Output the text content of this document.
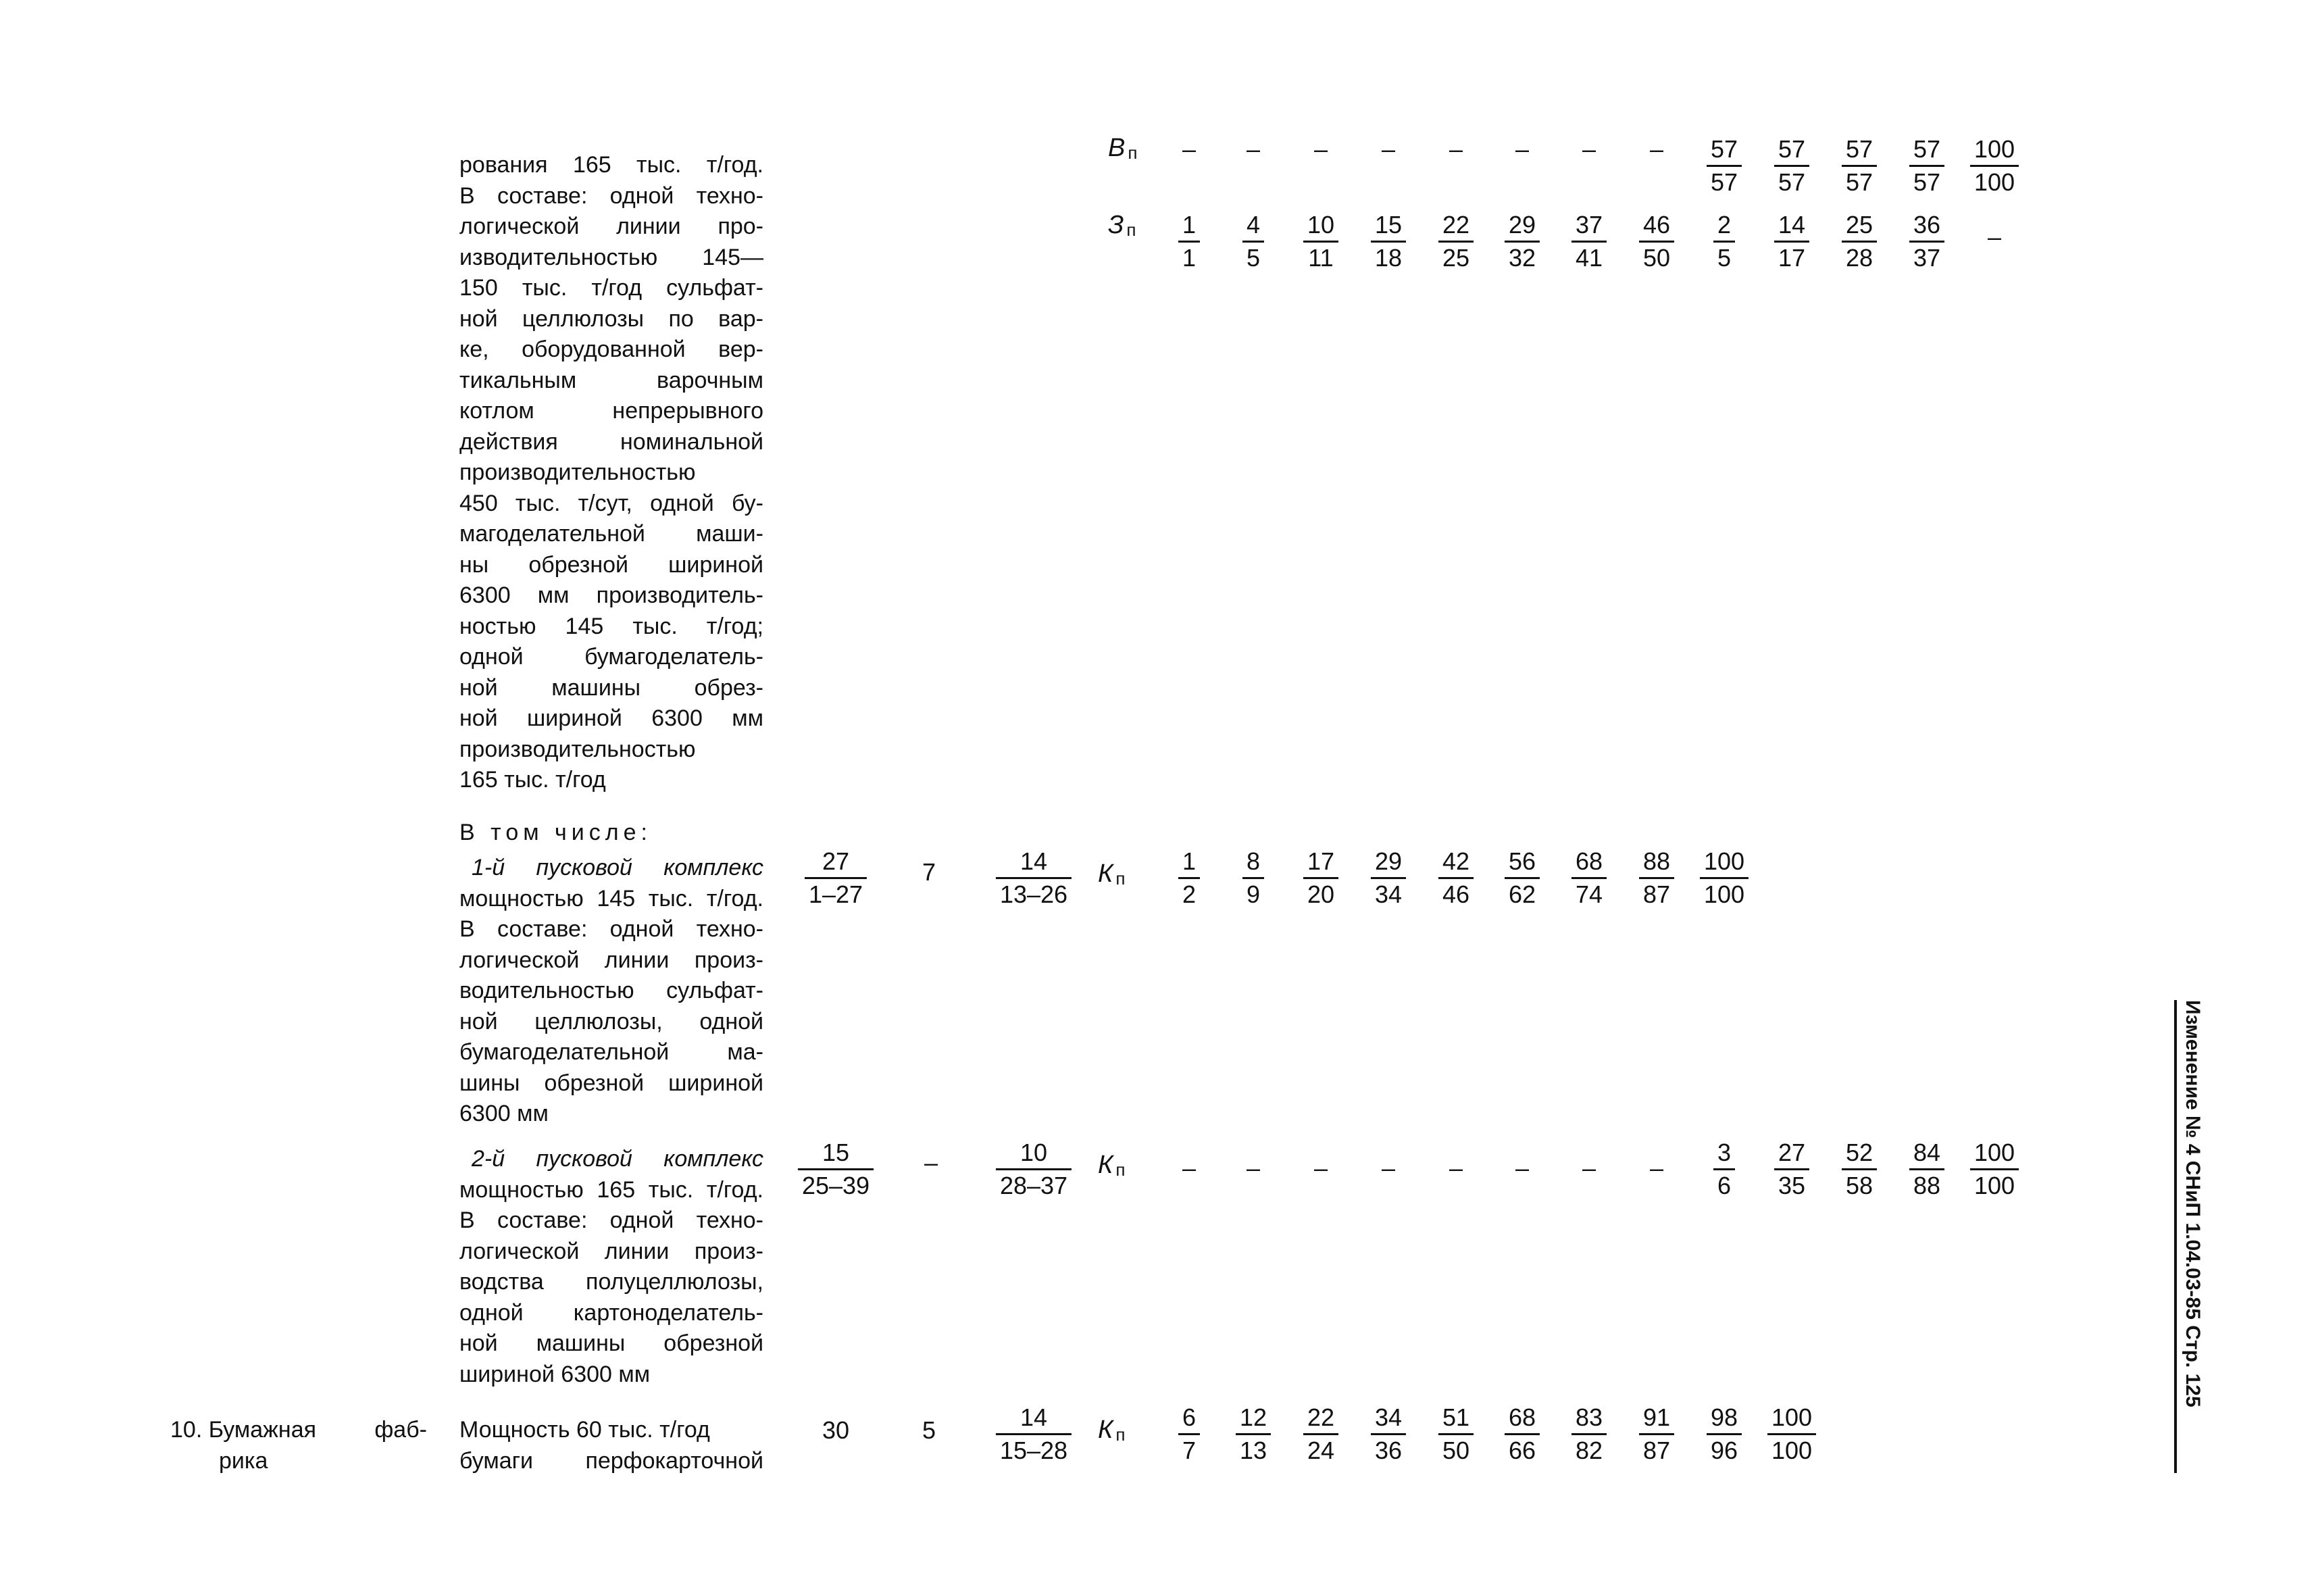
рования 165 тыс. т/год.
В составе: одной техно-
логической линии про-
изводительностью 145—
150 тыс. т/год сульфат-
ной целлюлозы по вар-
ке, оборудованной вер-
тикальным варочным
котлом непрерывного
действия номинальной
производительностью
450 тыс. т/сут, одной бу-
магоделательной маши-
ны обрезной шириной
6300 мм производитель-
ностью 145 тыс. т/год;
одной бумагоделатель-
ной машины обрез-
ной шириной 6300 мм
производительностью
165 тыс. т/год
В том числе:
1-й пусковой комплекс
мощностью 145 тыс. т/год.
В составе: одной техно-
логической линии произ-
водительностью сульфат-
ной целлюлозы, одной
бумагоделательной ма-
шины обрезной шириной
6300 мм
2-й пусковой комплекс
мощностью 165 тыс. т/год.
В составе: одной техно-
логической линии произ-
водства полуцеллюлозы,
одной картоноделатель-
ной машины обрезной
шириной 6300 мм
10. Бумажная	фаб-
рика
Мощность 60 тыс. т/год
бумаги перфокарточной
В $_п$ – – – – – – – – $\frac{57}{57} \frac{57}{57} \frac{57}{57} \frac{57}{57} \frac{100}{100}$
З $_п \frac{1}{1} \frac{4}{5} \frac{10}{11} \frac{15}{18} \frac{22}{25} \frac{29}{32} \frac{37}{41} \frac{46}{50} \frac{2}{5} \frac{14}{17} \frac{25}{28} \frac{36}{37}$ –
$\frac{27}{1-27} 7 \frac{14}{13-26}$ К $_п \frac{1}{2} \frac{8}{9} \frac{17}{20} \frac{29}{34} \frac{42}{46} \frac{56}{62} \frac{68}{74} \frac{88}{87} \frac{100}{100}$
$\frac{15}{25-39} - \frac{10}{28-37}$ К $_п$ – – – – – – – – $\frac{3}{6} \frac{27}{35} \frac{52}{58} \frac{84}{88} \frac{100}{100}$
30	$5 \frac{14}{15-28}$ К $_п \frac{6}{7} \frac{12}{13} \frac{22}{24} \frac{34}{36} \frac{51}{50} \frac{68}{66} \frac{83}{82} \frac{91}{87} \frac{98}{96} \frac{100}{100}$
Изменение № 4 СНиП 1.04.03-85 Стр. 125
